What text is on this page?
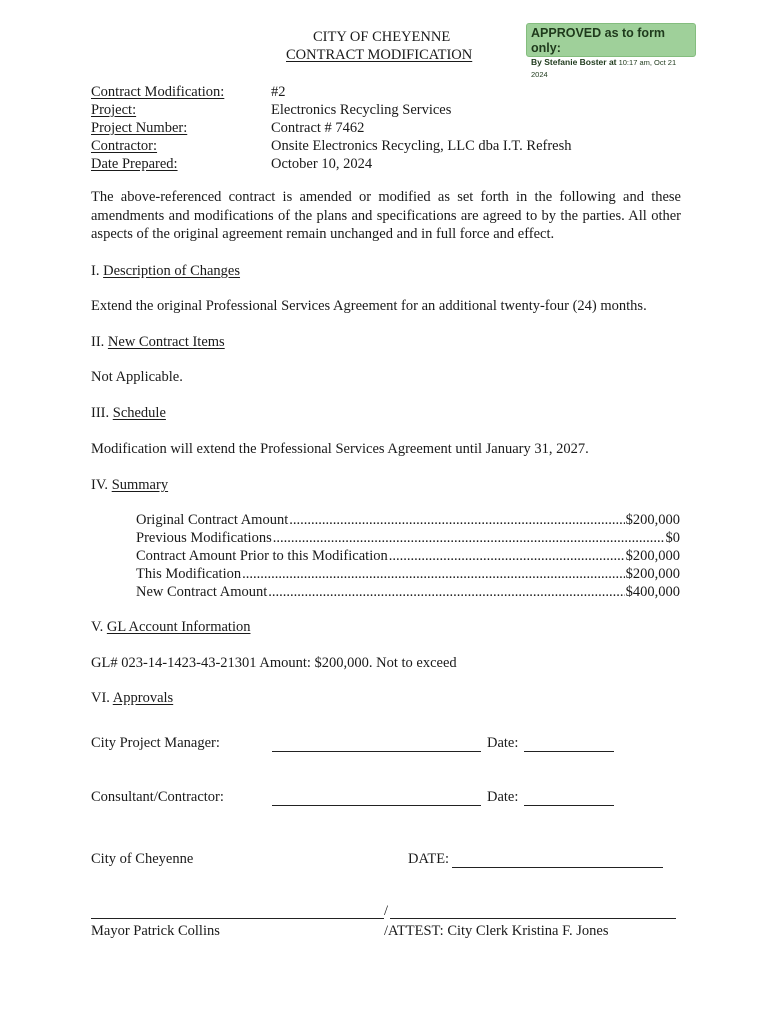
CITY OF CHEYENNE
CONTRACT MODIFICATION
APPROVED as to form only:
By Stefanie Boster at 10:17 am, Oct 21 2024
Contract Modification:	#2
Project:	Electronics Recycling Services
Project Number:	Contract # 7462
Contractor:	Onsite Electronics Recycling, LLC dba I.T. Refresh
Date Prepared:	October 10, 2024
The above-referenced contract is amended or modified as set forth in the following and these amendments and modifications of the plans and specifications are agreed to by the parties. All other aspects of the original agreement remain unchanged and in full force and effect.
I. Description of Changes
Extend the original Professional Services Agreement for an additional twenty-four (24) months.
II. New Contract Items
Not Applicable.
III. Schedule
Modification will extend the Professional Services Agreement until January 31, 2027.
IV. Summary
Original Contract Amount .....	$200,000
Previous Modifications .....	$0
Contract Amount Prior to this Modification .....	$200,000
This Modification .....	$200,000
New Contract Amount .....	$400,000
V. GL Account Information
GL# 023-14-1423-43-21301 Amount: $200,000. Not to exceed
VI. Approvals
City Project Manager:	Date:
Consultant/Contractor:	Date:
City of Cheyenne	DATE:
/
Mayor Patrick Collins	/ATTEST: City Clerk Kristina F. Jones
